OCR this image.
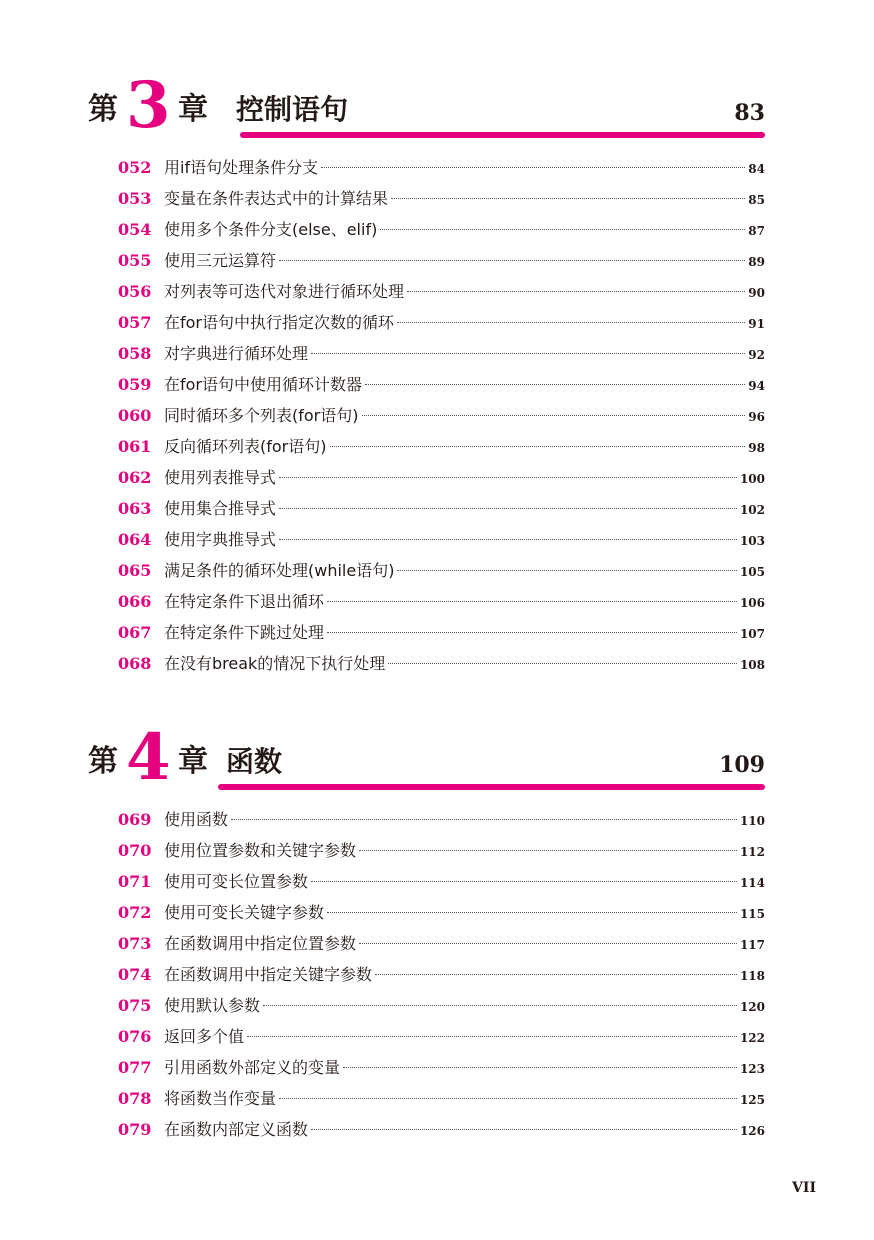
第 3 章 控制语句	83
052 用if语句处理条件分支	84
053 变量在条件表达式中的计算结果	85
054 使用多个条件分支(else、elif)	87
055 使用三元运算符	89
056 对列表等可迭代对象进行循环处理	90
057 在for语句中执行指定次数的循环	91
058 对字典进行循环处理	92
059 在for语句中使用循环计数器	94
060 同时循环多个列表(for语句)	96
061 反向循环列表(for语句)	98
062 使用列表推导式	100
063 使用集合推导式	102
064 使用字典推导式	103
065 满足条件的循环处理(while语句)	105
066 在特定条件下退出循环	106
067 在特定条件下跳过处理	107
068 在没有break的情况下执行处理	108
第 4 章 函数	109
069 使用函数	110
070 使用位置参数和关键字参数	112
071 使用可变长位置参数	114
072 使用可变长关键字参数	115
073 在函数调用中指定位置参数	117
074 在函数调用中指定关键字参数	118
075 使用默认参数	120
076 返回多个值	122
077 引用函数外部定义的变量	123
078 将函数当作变量	125
079 在函数内部定义函数	126
VII
